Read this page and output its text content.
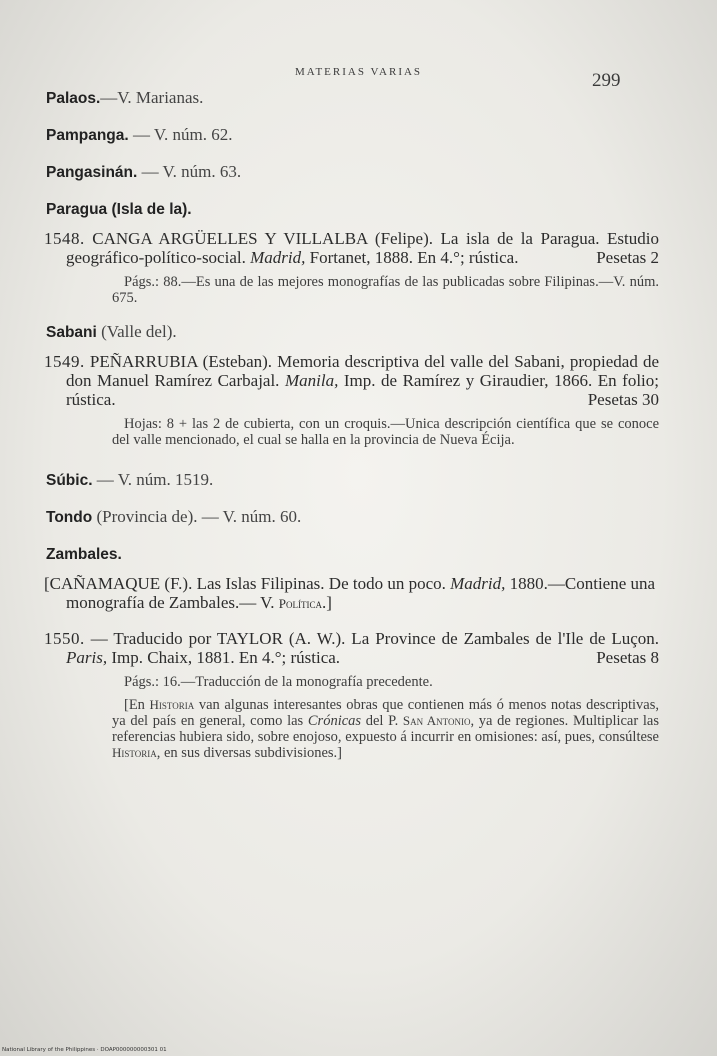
MATERIAS VARIAS	299
Palaos.—V. Marianas.
Pampanga. — V. núm. 62.
Pangasinán. — V. núm. 63.
Paragua (Isla de la).
1548. CANGA ARGÜELLES Y VILLALBA (Felipe). La isla de la Paragua. Estudio geográfico-político-social. Madrid, Fortanet, 1888. En 4.°; rústica.	Pesetas 2
Págs.: 88.—Es una de las mejores monografías de las publicadas sobre Filipinas.—V. núm. 675.
Sabani (Valle del).
1549. PEÑARRUBIA (Esteban). Memoria descriptiva del valle del Sabani, propiedad de don Manuel Ramírez Carbajal. Manila, Imp. de Ramírez y Giraudier, 1866. En folio; rústica.	Pesetas 30
Hojas: 8 + las 2 de cubierta, con un croquis.—Unica descripción científica que se conoce del valle mencionado, el cual se halla en la provincia de Nueva Écija.
Súbic. — V. núm. 1519.
Tondo (Provincia de). — V. núm. 60.
Zambales.
[CAÑAMAQUE (F.). Las Islas Filipinas. De todo un poco. Madrid, 1880.—Contiene una monografía de Zambales.— V. Política.]
1550. — Traducido por TAYLOR (A. W.). La Province de Zambales de l'Ile de Luçon. Paris, Imp. Chaix, 1881. En 4.°; rústica.	Pesetas 8
Págs.: 16.—Traducción de la monografía precedente.
[En Historia van algunas interesantes obras que contienen más ó menos notas descriptivas, ya del país en general, como las Crónicas del P. San Antonio, ya de regiones. Multiplicar las referencias hubiera sido, sobre enojoso, expuesto á incurrir en omisiones: así, pues, consúltese Historia, en sus diversas subdivisiones.]
National Library of the Philippines · DOAP000000000301 01
